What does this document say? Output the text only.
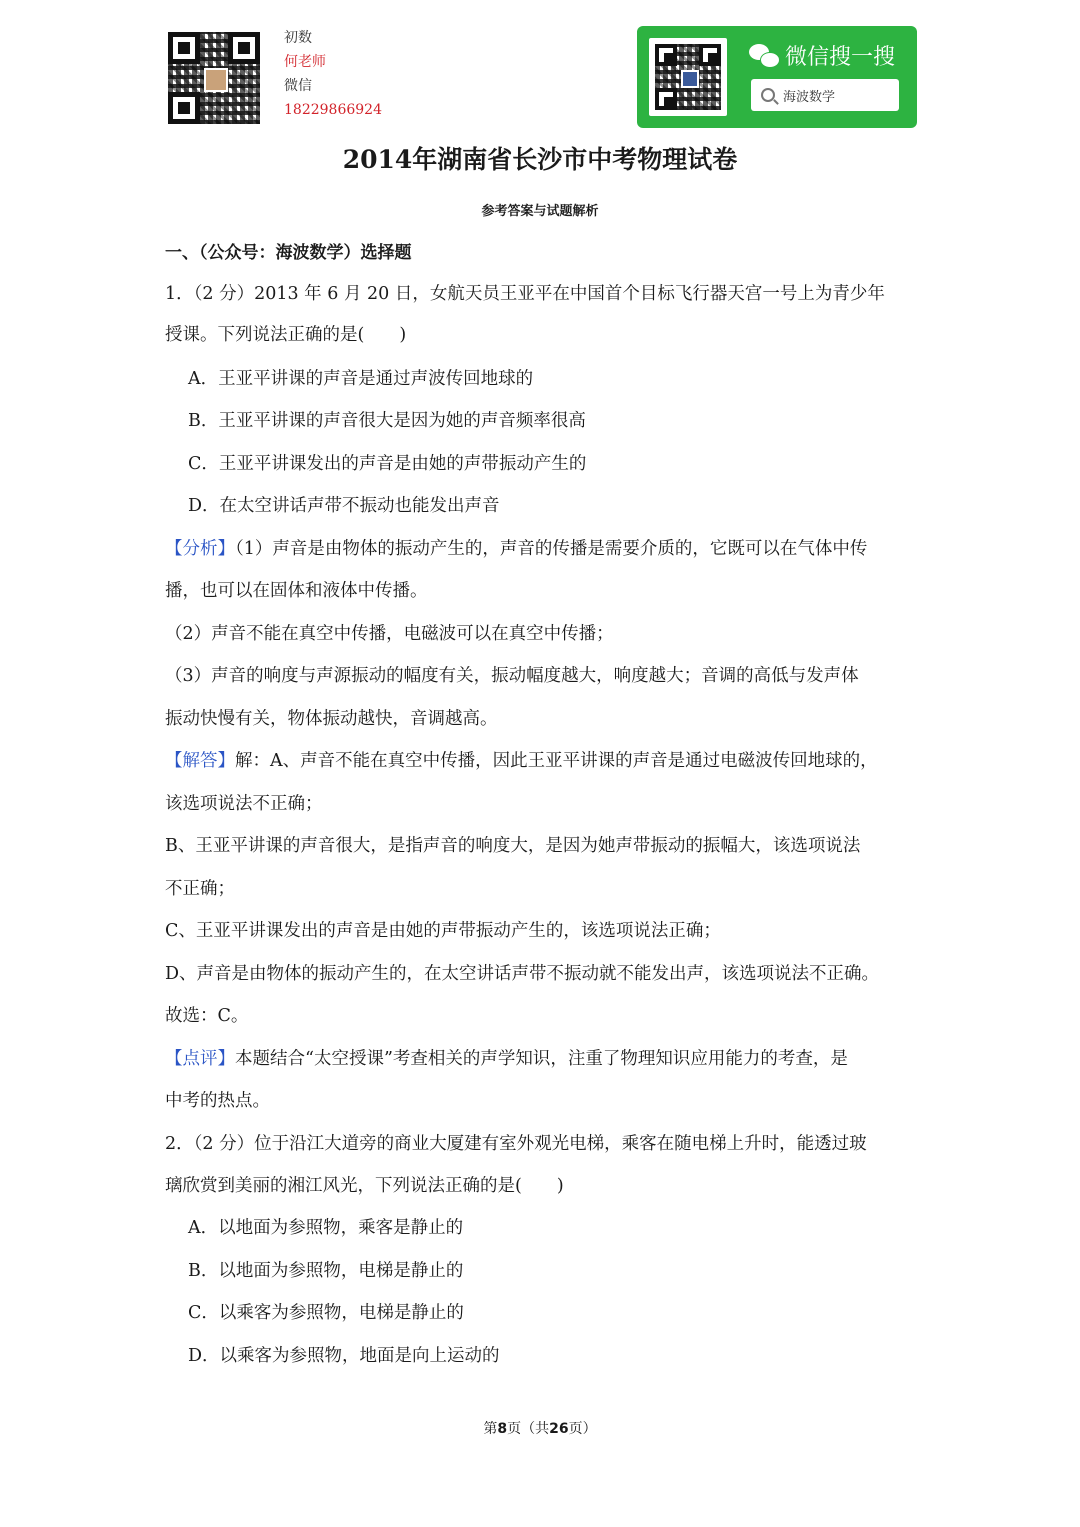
初数
何老师
微信
18229866924
微信搜一搜
海波数学
2014年湖南省长沙市中考物理试卷
参考答案与试题解析
一、（公众号：海波数学）选择题
1．（2 分）2013 年 6 月 20 日，女航天员王亚平在中国首个目标飞行器天宫一号上为青少年
授课。下列说法正确的是(　　)
A．王亚平讲课的声音是通过声波传回地球的
B．王亚平讲课的声音很大是因为她的声音频率很高
C．王亚平讲课发出的声音是由她的声带振动产生的
D．在太空讲话声带不振动也能发出声音
【分析】（1）声音是由物体的振动产生的，声音的传播是需要介质的，它既可以在气体中传
播，也可以在固体和液体中传播。
（2）声音不能在真空中传播，电磁波可以在真空中传播；
（3）声音的响度与声源振动的幅度有关，振动幅度越大，响度越大；音调的高低与发声体
振动快慢有关，物体振动越快，音调越高。
【解答】解：A、声音不能在真空中传播，因此王亚平讲课的声音是通过电磁波传回地球的，
该选项说法不正确；
B、王亚平讲课的声音很大，是指声音的响度大，是因为她声带振动的振幅大，该选项说法
不正确；
C、王亚平讲课发出的声音是由她的声带振动产生的，该选项说法正确；
D、声音是由物体的振动产生的，在太空讲话声带不振动就不能发出声，该选项说法不正确。
故选：C。
【点评】本题结合“太空授课”考查相关的声学知识，注重了物理知识应用能力的考查，是
中考的热点。
2．（2 分）位于沿江大道旁的商业大厦建有室外观光电梯，乘客在随电梯上升时，能透过玻
璃欣赏到美丽的湘江风光，下列说法正确的是(　　)
A．以地面为参照物，乘客是静止的
B．以地面为参照物，电梯是静止的
C．以乘客为参照物，电梯是静止的
D．以乘客为参照物，地面是向上运动的
第8页（共26页）
